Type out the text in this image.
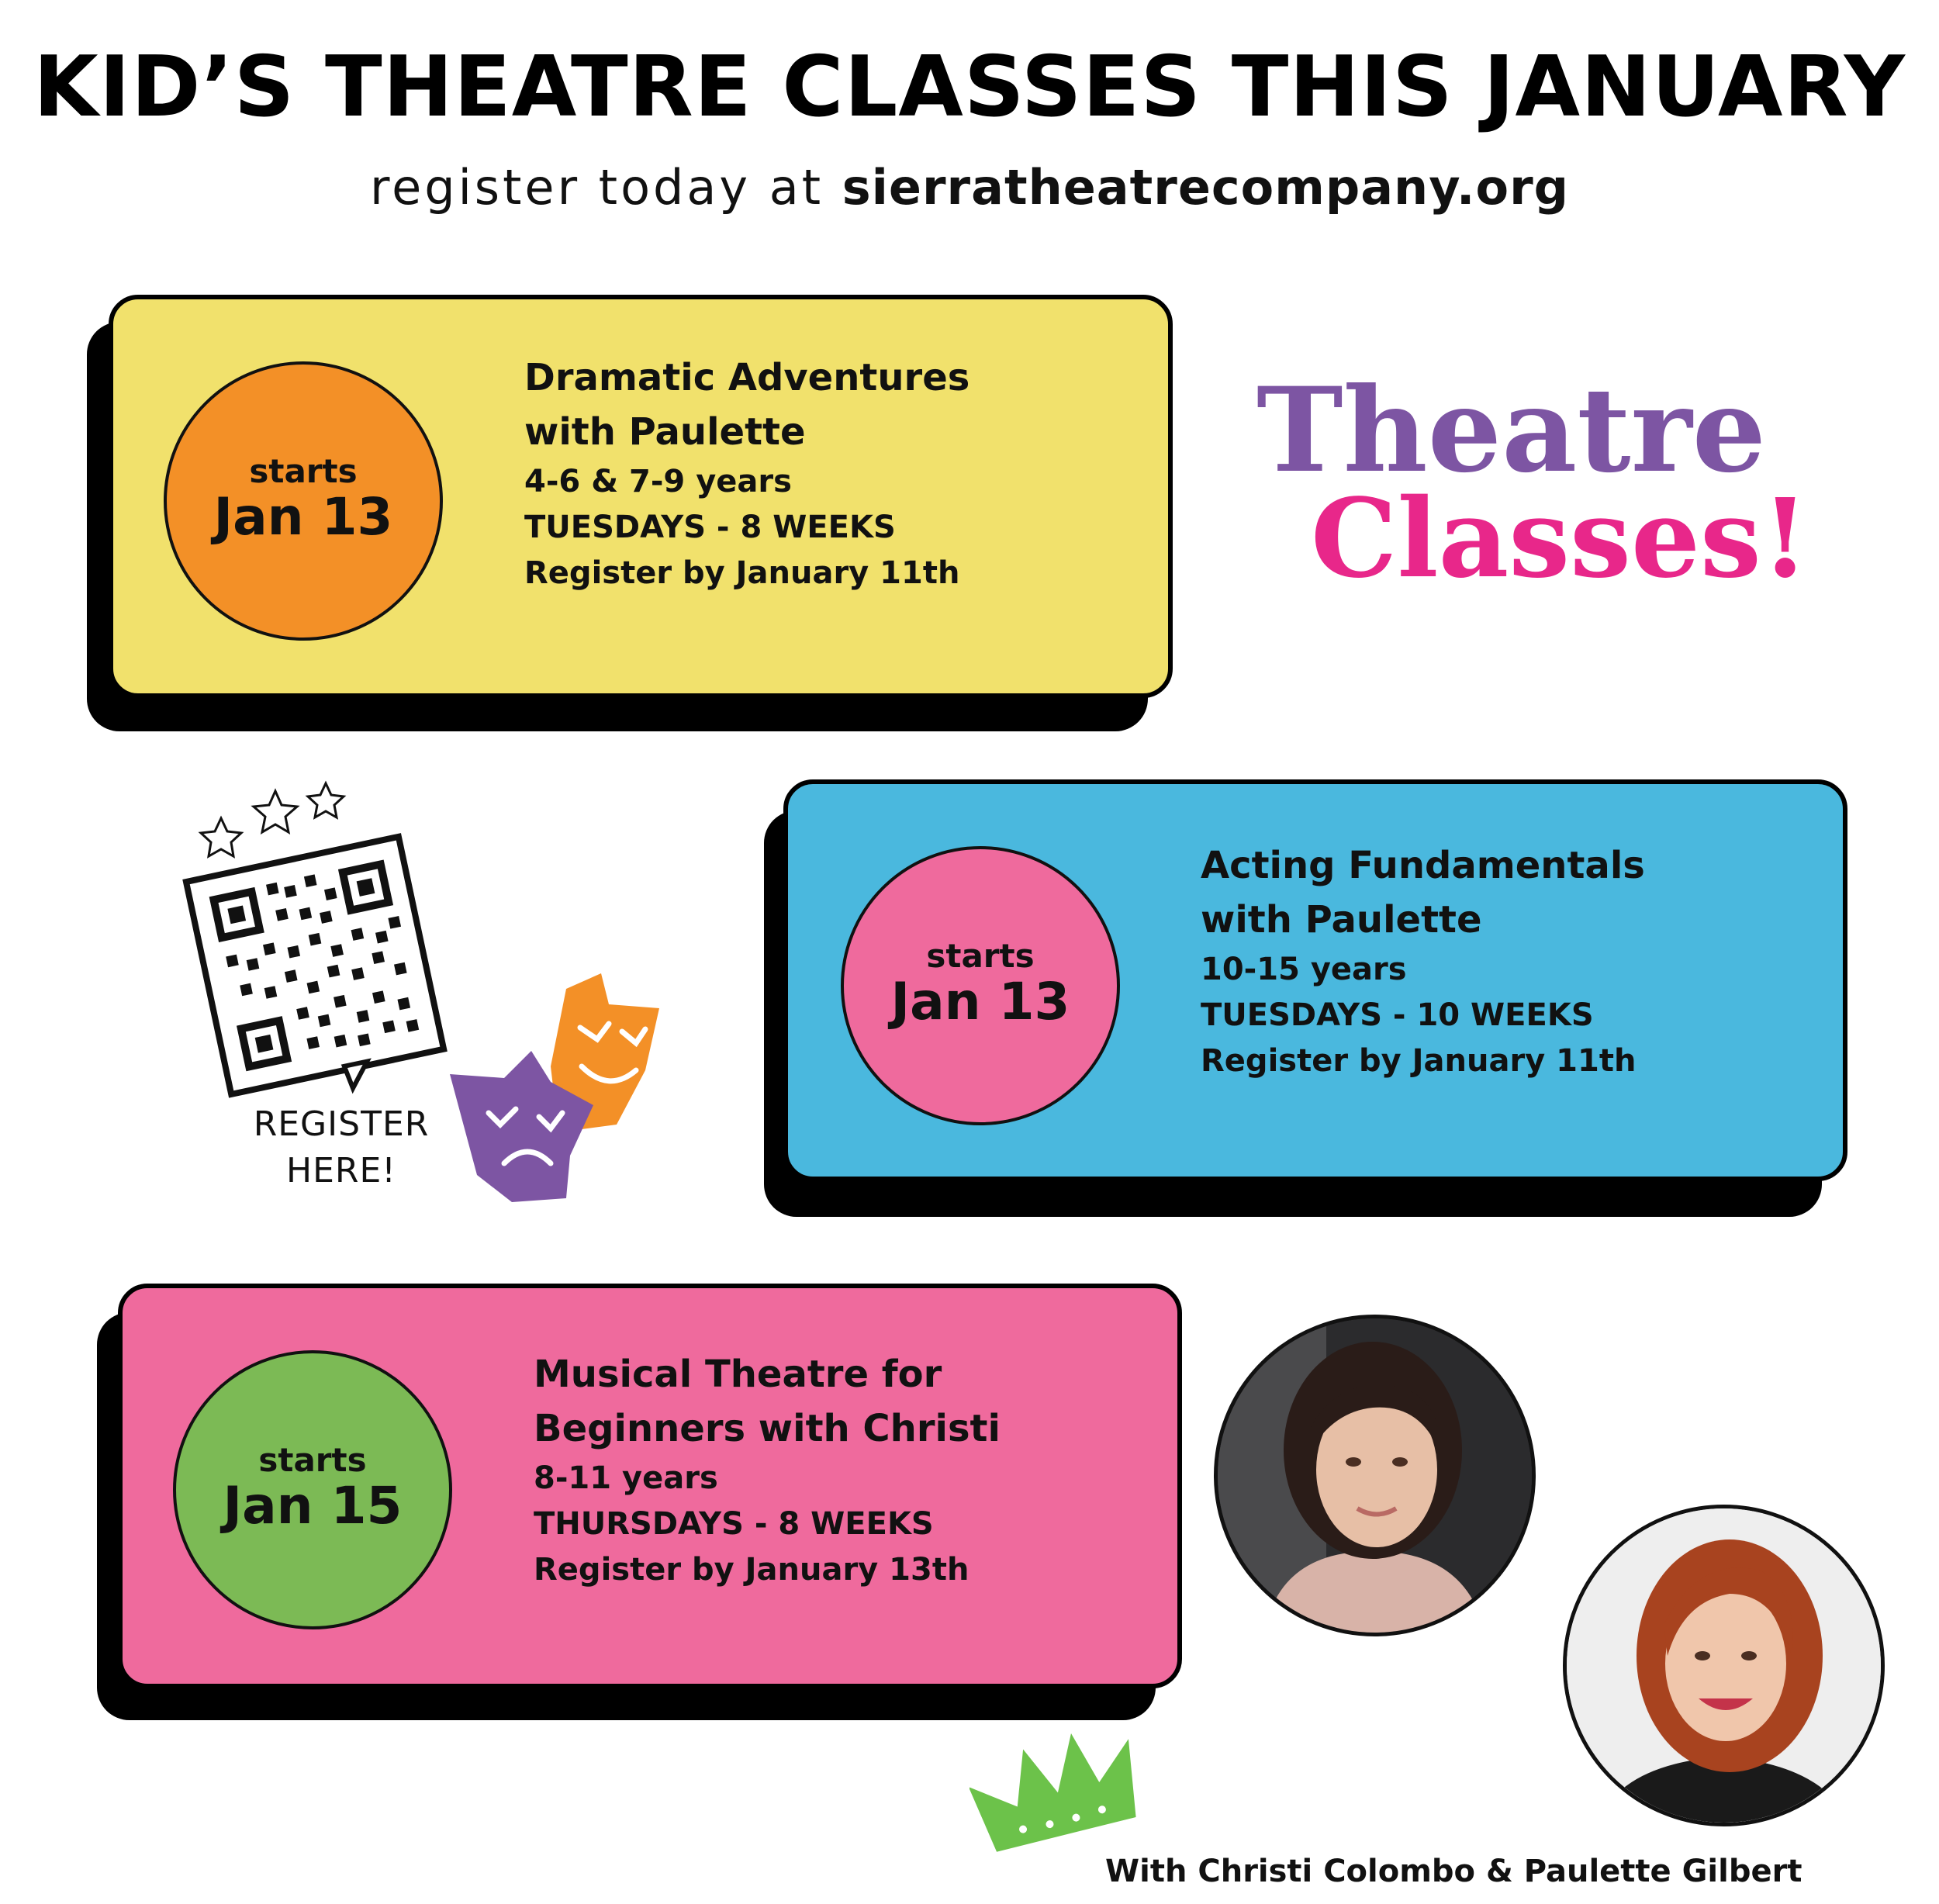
KID’S THEATRE CLASSES THIS JANUARY
register today at sierratheatrecompany.org
starts
Jan 13
Dramatic Adventures
with Paulette
4-6 & 7-9 years
TUESDAYS - 8 WEEKS
Register by January 11th
Theatre
Classes!
REGISTER
HERE!
starts
Jan 13
Acting Fundamentals
with Paulette
10-15 years
TUESDAYS - 10 WEEKS
Register by January 11th
starts
Jan 15
Musical Theatre for
Beginners with Christi
8-11 years
THURSDAYS - 8 WEEKS
Register by January 13th
With Christi Colombo & Paulette Gilbert
